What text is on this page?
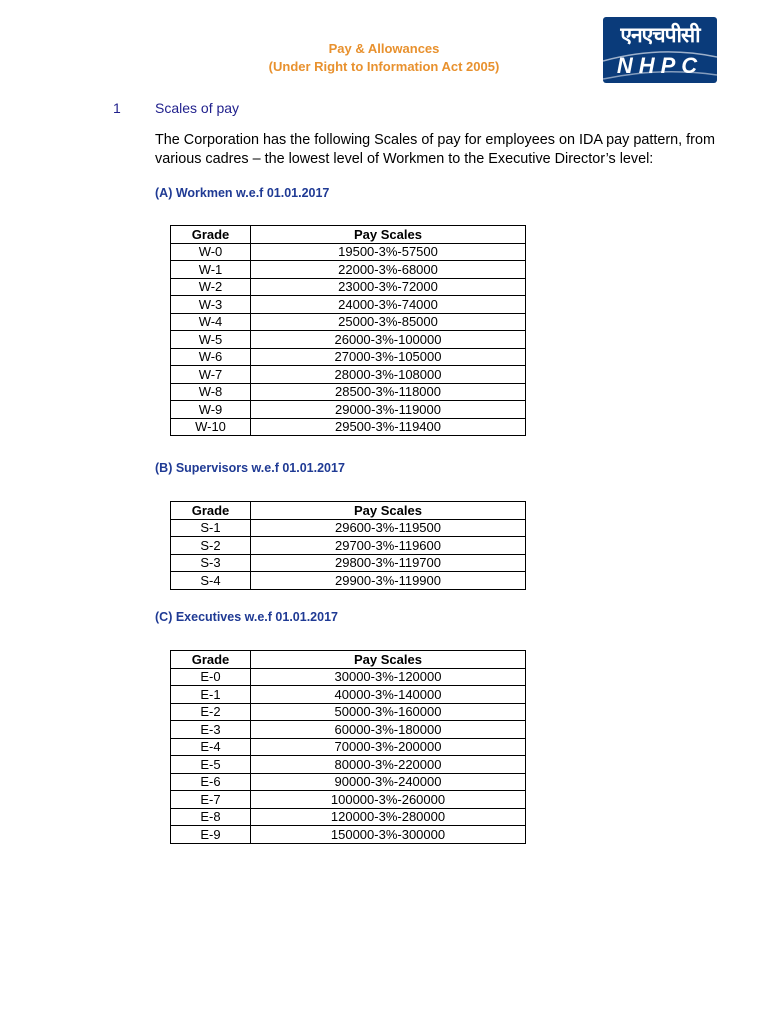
Pay & Allowances
(Under Right to Information Act 2005)
एनएचपीसी
NHPC
1 Scales of pay
The Corporation has the following Scales of pay for employees on IDA pay pattern, from various cadres – the lowest level of Workmen to the Executive Director’s level:
(A) Workmen w.e.f 01.01.2017
Grade	Pay Scales
W-0	19500-3%-57500
W-1	22000-3%-68000
W-2	23000-3%-72000
W-3	24000-3%-74000
W-4	25000-3%-85000
W-5	26000-3%-100000
W-6	27000-3%-105000
W-7	28000-3%-108000
W-8	28500-3%-118000
W-9	29000-3%-119000
W-10	29500-3%-119400
(B) Supervisors w.e.f 01.01.2017
Grade	Pay Scales
S-1	29600-3%-119500
S-2	29700-3%-119600
S-3	29800-3%-119700
S-4	29900-3%-119900
(C) Executives w.e.f 01.01.2017
Grade	Pay Scales
E-0	30000-3%-120000
E-1	40000-3%-140000
E-2	50000-3%-160000
E-3	60000-3%-180000
E-4	70000-3%-200000
E-5	80000-3%-220000
E-6	90000-3%-240000
E-7	100000-3%-260000
E-8	120000-3%-280000
E-9	150000-3%-300000
